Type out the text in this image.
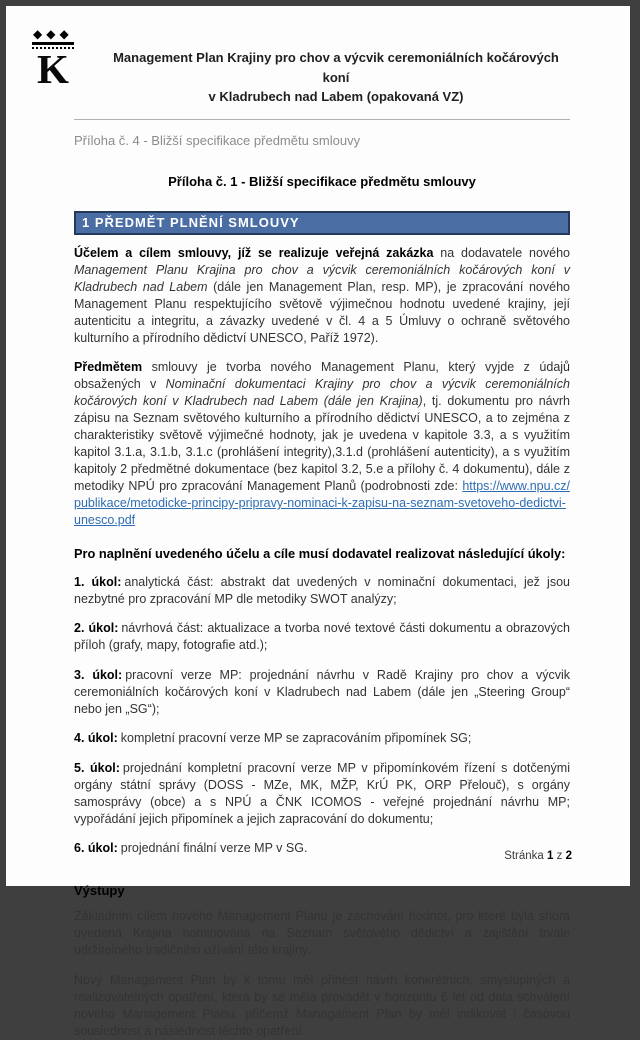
◆◆◆
K	Management Plan Krajiny pro chov a výcvik ceremoniálních kočárových koní
v Kladrubech nad Labem (opakovaná VZ)
Příloha č. 4 - Bližší specifikace předmětu smlouvy
Příloha č. 1 - Bližší specifikace předmětu smlouvy
1 PŘEDMĚT PLNĚNÍ SMLOUVY

Účelem a cílem smlouvy, jíž se realizuje veřejná zakázka na dodavatele nového Management Planu Krajina pro chov a výcvik ceremoniálních kočárových koní v Kladrubech nad Labem (dále jen Management Plan, resp. MP), je zpracování nového Management Planu respektujícího světově výjimečnou hodnotu uvedené krajiny, její autenticitu a integritu, a závazky uvedené v čl. 4 a 5 Úmluvy o ochraně světového kulturního a přírodního dědictví UNESCO, Paříž 1972).

Předmětem smlouvy je tvorba nového Management Planu, který vyjde z údajů obsažených v Nominační dokumentaci Krajiny pro chov a výcvik ceremoniálních kočárových koní v Kladrubech nad Labem (dále jen Krajina), tj. dokumentu pro návrh zápisu na Seznam světového kulturního a přírodního dědictví UNESCO, a to zejména z charakteristiky světově výjimečné hodnoty, jak je uvedena v kapitole 3.3, a s využitím kapitol 3.1.a, 3.1.b, 3.1.c (prohlášení integrity),3.1.d (prohlášení autenticity), a s využitím kapitoly 2 předmětné dokumentace (bez kapitol 3.2, 5.e a přílohy č. 4 dokumentu), dále z metodiky NPÚ pro zpracování Management Planů (podrobnosti zde: https://www.npu.cz/publikace/metodicke-principy-pripravy-nominaci-k-zapisu-na-seznam-svetoveho-dedictvi-unesco.pdf

Pro naplnění uvedeného účelu a cíle musí dodavatel realizovat následující úkoly:

1. úkol: analytická část: abstrakt dat uvedených v nominační dokumentaci, jež jsou nezbytné pro zpracování MP dle metodiky SWOT analýzy;

2. úkol: návrhová část: aktualizace a tvorba nové textové části dokumentu a obrazových příloh (grafy, mapy, fotografie atd.);

3. úkol: pracovní verze MP: projednání návrhu v Radě Krajiny pro chov a výcvik ceremoniálních kočárových koní v Kladrubech nad Labem (dále jen „Steering Group“ nebo jen „SG“);

4. úkol: kompletní pracovní verze MP se zapracováním připomínek SG;

5. úkol: projednání kompletní pracovní verze MP v připomínkovém řízení s dotčenými orgány státní správy (DOSS - MZe, MK, MŽP, KrÚ PK, ORP Přelouč), s orgány samosprávy (obce) a s NPÚ a ČNK ICOMOS - veřejné projednání návrhu MP; vypořádání jejich připomínek a jejich zapracování do dokumentu;

6. úkol: projednání finální verze MP v SG.

Výstupy

Základním cílem nového Management Planu je zachování hodnot, pro které byla shora uvedená Krajina nominována na Seznam světového dědictví a zajištění trvale udržitelného tradičního užívání této krajiny.

Nový Management Plan by k tomu měl přinést návrh konkrétních, smysluplných a realizovatelných opatření, která by se měla provádět v horizontu 6 let od data schválení nového Management Planu, přičemž Managament Plan by měl indikovat i časovou souslednost a následnost těchto opatření.

Stránka 1 z 2
